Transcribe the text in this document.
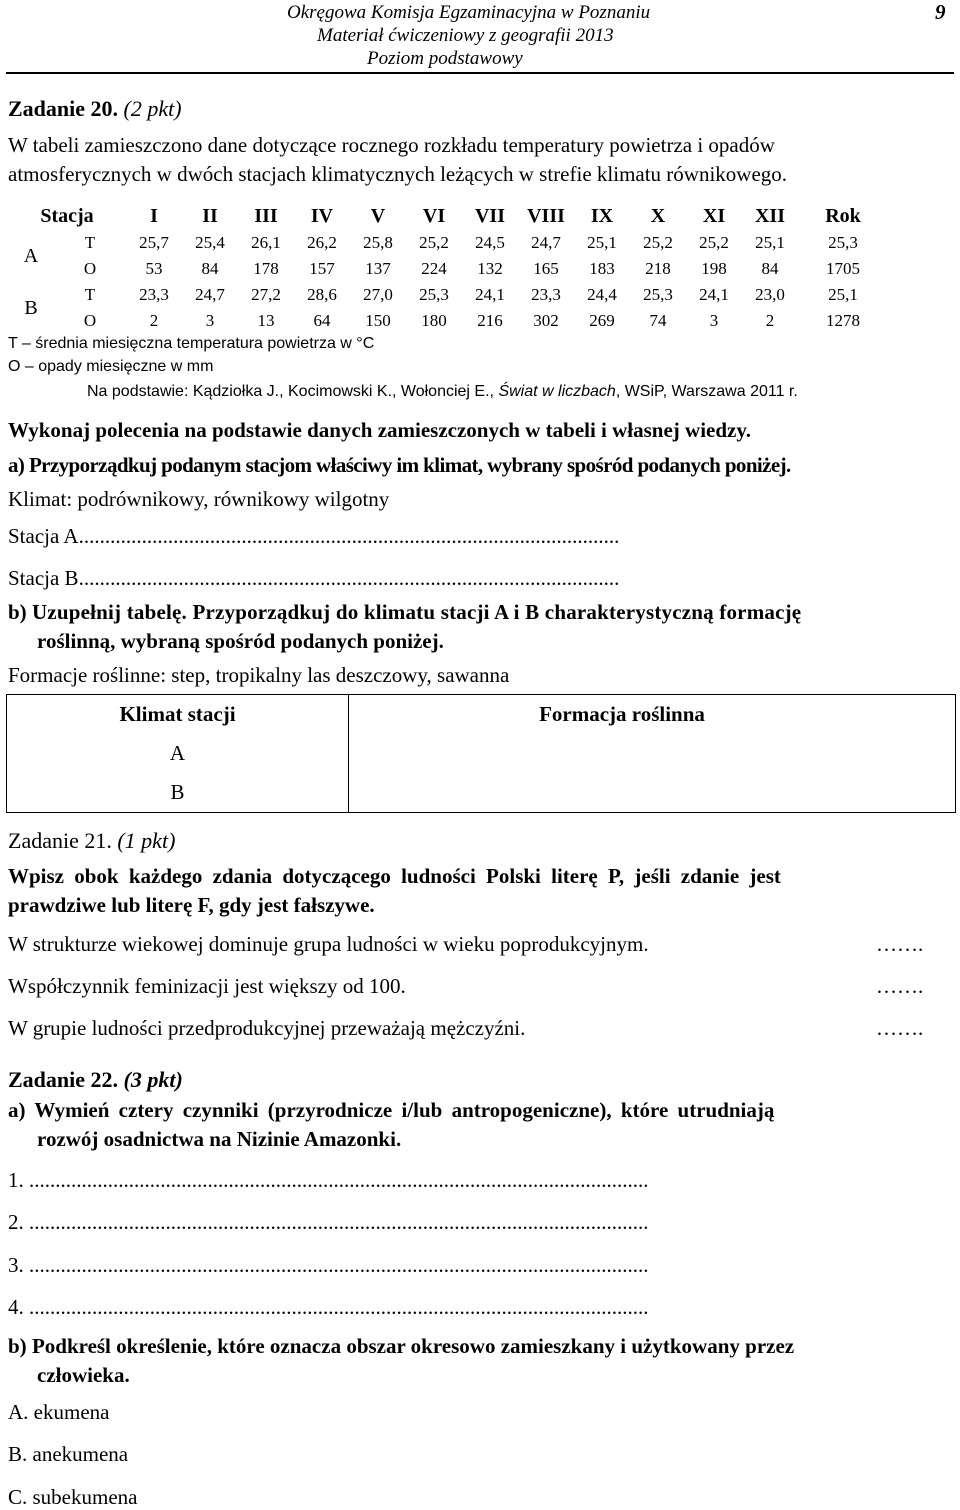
Okręgowa Komisja Egzaminacyjna w Poznaniu
Materiał ćwiczeniowy z geografii 2013
Poziom podstawowy
9
Zadanie 20. (2 pkt)
W tabeli zamieszczono dane dotyczące rocznego rozkładu temperatury powietrza i opadów
atmosferycznych w dwóch stacjach klimatycznych leżących w strefie klimatu równikowego.
Stacja		I	II	III	IV	V	VI	VII	VIII	IX	X	XI	XII	Rok
A	T	25,7	25,4	26,1	26,2	25,8	25,2	24,5	24,7	25,1	25,2	25,2	25,1	25,3
	O	53	84	178	157	137	224	132	165	183	218	198	84	1705
B	T	23,3	24,7	27,2	28,6	27,0	25,3	24,1	23,3	24,4	25,3	24,1	23,0	25,1
	O	2	3	13	64	150	180	216	302	269	74	3	2	1278
T – średnia miesięczna temperatura powietrza w °C
O – opady miesięczne w mm
Na podstawie: Kądziołka J., Kocimowski K., Wołonciej E., Świat w liczbach, WSiP, Warszawa 2011 r.
Wykonaj polecenia na podstawie danych zamieszczonych w tabeli i własnej wiedzy.
a) Przyporządkuj podanym stacjom właściwy im klimat, wybrany spośród podanych poniżej.
Klimat: podrównikowy, równikowy wilgotny
Stacja A.......................................................................................................
Stacja B.......................................................................................................
b) Uzupełnij tabelę. Przyporządkuj do klimatu stacji A i B charakterystyczną formację
roślinną, wybraną spośród podanych poniżej.
Formacje roślinne: step, tropikalny las deszczowy, sawanna
Klimat stacji	Formacja roślinna
A	
B	
Zadanie 21. (1 pkt)
Wpisz obok każdego zdania dotyczącego ludności Polski literę P, jeśli zdanie jest
prawdziwe lub literę F, gdy jest fałszywe.
W strukturze wiekowej dominuje grupa ludności w wieku poprodukcyjnym.	…….
Współczynnik feminizacji jest większy od 100.	…….
W grupie ludności przedprodukcyjnej przeważają mężczyźni.	…….
Zadanie 22. (3 pkt)
a) Wymień cztery czynniki (przyrodnicze i/lub antropogeniczne), które utrudniają
rozwój osadnictwa na Nizinie Amazonki.
1. ......................................................................................................................
2. ......................................................................................................................
3. ......................................................................................................................
4. ......................................................................................................................
b) Podkreśl określenie, które oznacza obszar okresowo zamieszkany i użytkowany przez
człowieka.
A. ekumena
B. anekumena
C. subekumena
